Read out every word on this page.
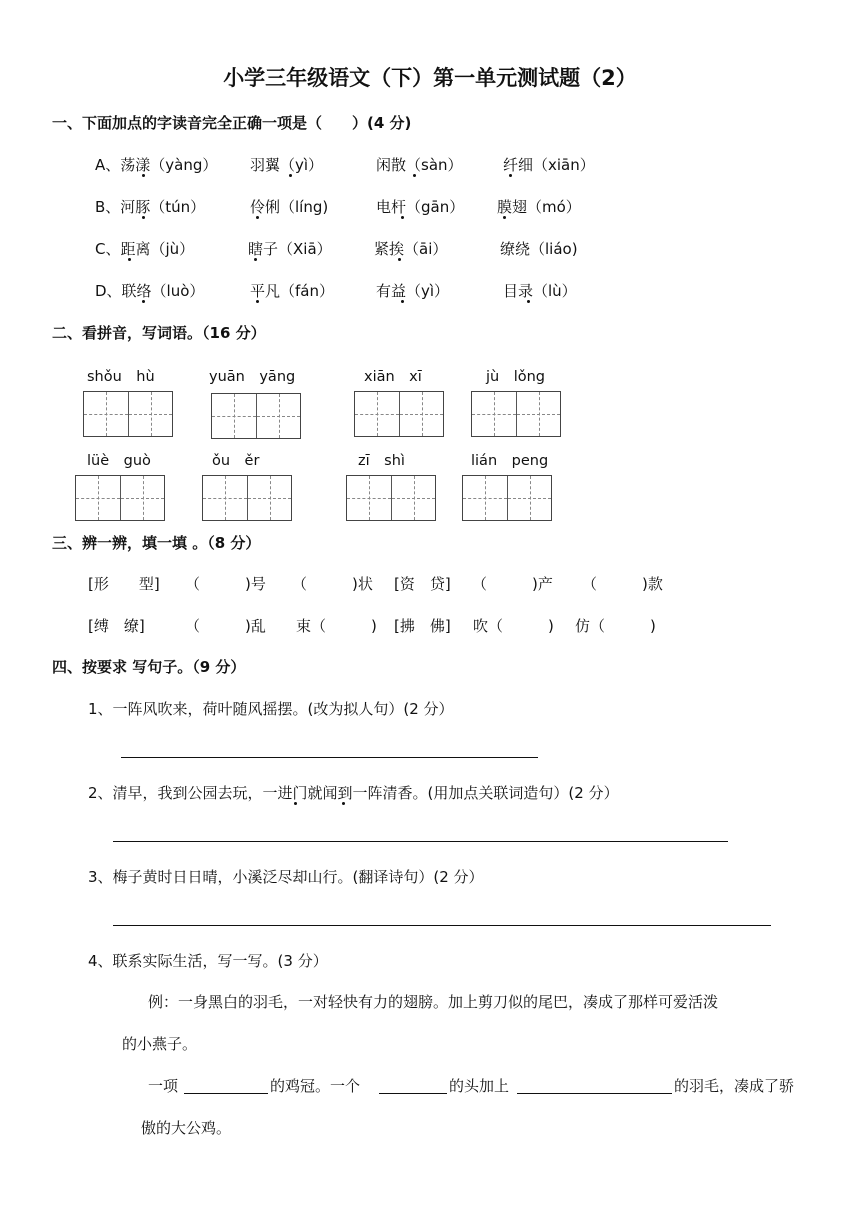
小学三年级语文（下）第一单元测试题（2）
一、下面加点的字读音完全正确一项是（　　）(4 分)
A、荡漾（yàng） 羽翼（yì）	闲散（sàn）	纤细（xiān）
B、河豚（tún）	伶俐（líng)	电杆（gān） 膜翅（mó）
C、距离（jù）	瞎子（Xiā）	紧挨（āi）	缭绕（liáo)
D、联络（luò）	平凡（fán）	有益（yì）	目录（lù）
二、看拼音，写词语。（16 分）
shǒu　hù	yuān　yāng	xiān　xī	jù　lǒng
lüè　guò	ǒu　ěr	zī　shì	lián　peng
三、辨一辨，填一填 。（8 分）
[形　　型] （　　　)号 （　　　)状 [资　贷] （　　　)产 （　　　)款
[缚　缭]	（　　　)乱 束（　　　) [拂　佛] 吹（　　　) 仿（　　　)
四、按要求 写句子。（9 分）
1、一阵风吹来，荷叶随风摇摆。(改为拟人句）(2 分）
2、清早，我到公园去玩，一进门就闻到一阵清香。(用加点关联词造句）(2 分）
3、梅子黄时日日晴，小溪泛尽却山行。(翻译诗句）(2 分）
4、联系实际生活，写一写。(3 分）
例：一身黑白的羽毛，一对轻快有力的翅膀。加上剪刀似的尾巴，凑成了那样可爱活泼
的小燕子。
一项	的鸡冠。一个	的头加上	的羽毛，凑成了骄
傲的大公鸡。
